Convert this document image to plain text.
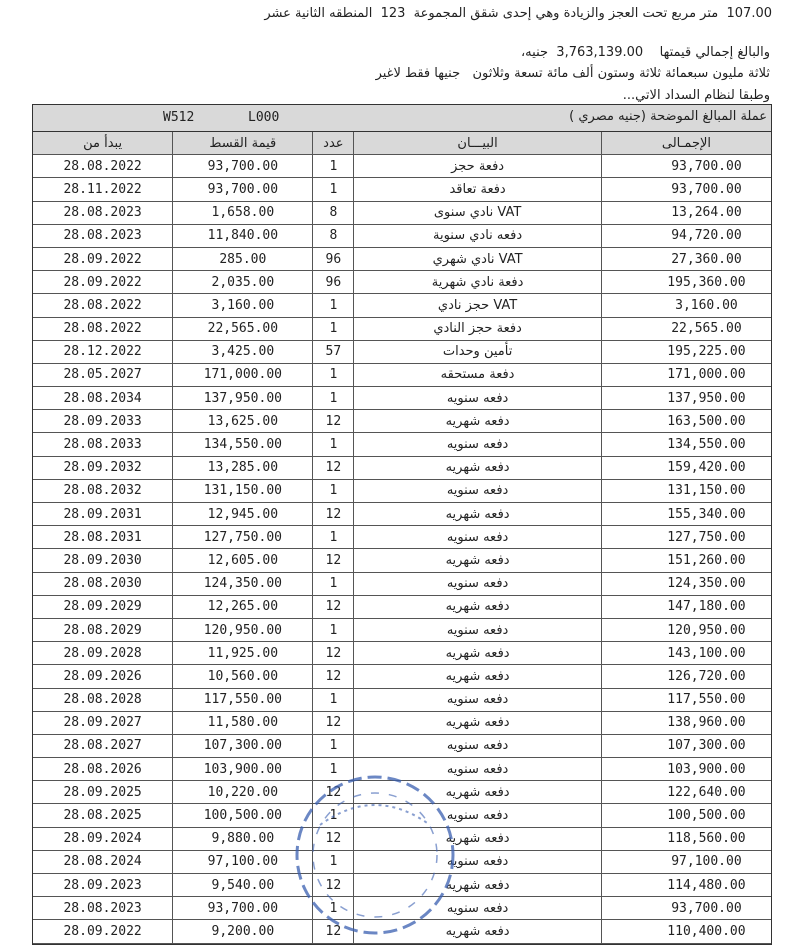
107.00  متر مربع تحت العجز والزيادة وهي إحدى شقق المجموعة  123  المنطقه الثانية عشر
والبالغ إجمالي قيمتها    3,763,139.00  جنيه،
ثلاثة مليون سبعمائة ثلاثة وستون ألف مائة تسعة وثلاثون   جنيها فقط لاغير
وطبقا لنظام السداد الاتي...
عملة المبالغ الموضحة (جنيه مصري )
W512	L000
يبدأ من	قيمة القسط	عدد	البيـــان	الإجمـالى
28.08.2022	93,700.00	1	دفعة حجز	93,700.00
28.11.2022	93,700.00	1	دفعة تعاقد	93,700.00
28.08.2023	1,658.00	8	VAT نادي سنوى	13,264.00
28.08.2023	11,840.00	8	دفعه نادي سنوية	94,720.00
28.09.2022	285.00	96	VAT نادي شهري	27,360.00
28.09.2022	2,035.00	96	دفعة نادي شهرية	195,360.00
28.08.2022	3,160.00	1	VAT حجز نادي	3,160.00
28.08.2022	22,565.00	1	دفعة حجز النادي	22,565.00
28.12.2022	3,425.00	57	تأمين وحدات	195,225.00
28.05.2027	171,000.00	1	دفعة مستحقه	171,000.00
28.08.2034	137,950.00	1	دفعه سنويه	137,950.00
28.09.2033	13,625.00	12	دفعه شهريه	163,500.00
28.08.2033	134,550.00	1	دفعه سنويه	134,550.00
28.09.2032	13,285.00	12	دفعه شهريه	159,420.00
28.08.2032	131,150.00	1	دفعه سنويه	131,150.00
28.09.2031	12,945.00	12	دفعه شهريه	155,340.00
28.08.2031	127,750.00	1	دفعه سنويه	127,750.00
28.09.2030	12,605.00	12	دفعه شهريه	151,260.00
28.08.2030	124,350.00	1	دفعه سنويه	124,350.00
28.09.2029	12,265.00	12	دفعه شهريه	147,180.00
28.08.2029	120,950.00	1	دفعه سنويه	120,950.00
28.09.2028	11,925.00	12	دفعه شهريه	143,100.00
28.09.2026	10,560.00	12	دفعه شهريه	126,720.00
28.08.2028	117,550.00	1	دفعه سنويه	117,550.00
28.09.2027	11,580.00	12	دفعه شهريه	138,960.00
28.08.2027	107,300.00	1	دفعه سنويه	107,300.00
28.08.2026	103,900.00	1	دفعه سنويه	103,900.00
28.09.2025	10,220.00	12	دفعه شهريه	122,640.00
28.08.2025	100,500.00	1	دفعه سنويه	100,500.00
28.09.2024	9,880.00	12	دفعه شهريه	118,560.00
28.08.2024	97,100.00	1	دفعه سنويه	97,100.00
28.09.2023	9,540.00	12	دفعه شهريه	114,480.00
28.08.2023	93,700.00	1	دفعه سنويه	93,700.00
28.09.2022	9,200.00	12	دفعه شهريه	110,400.00
